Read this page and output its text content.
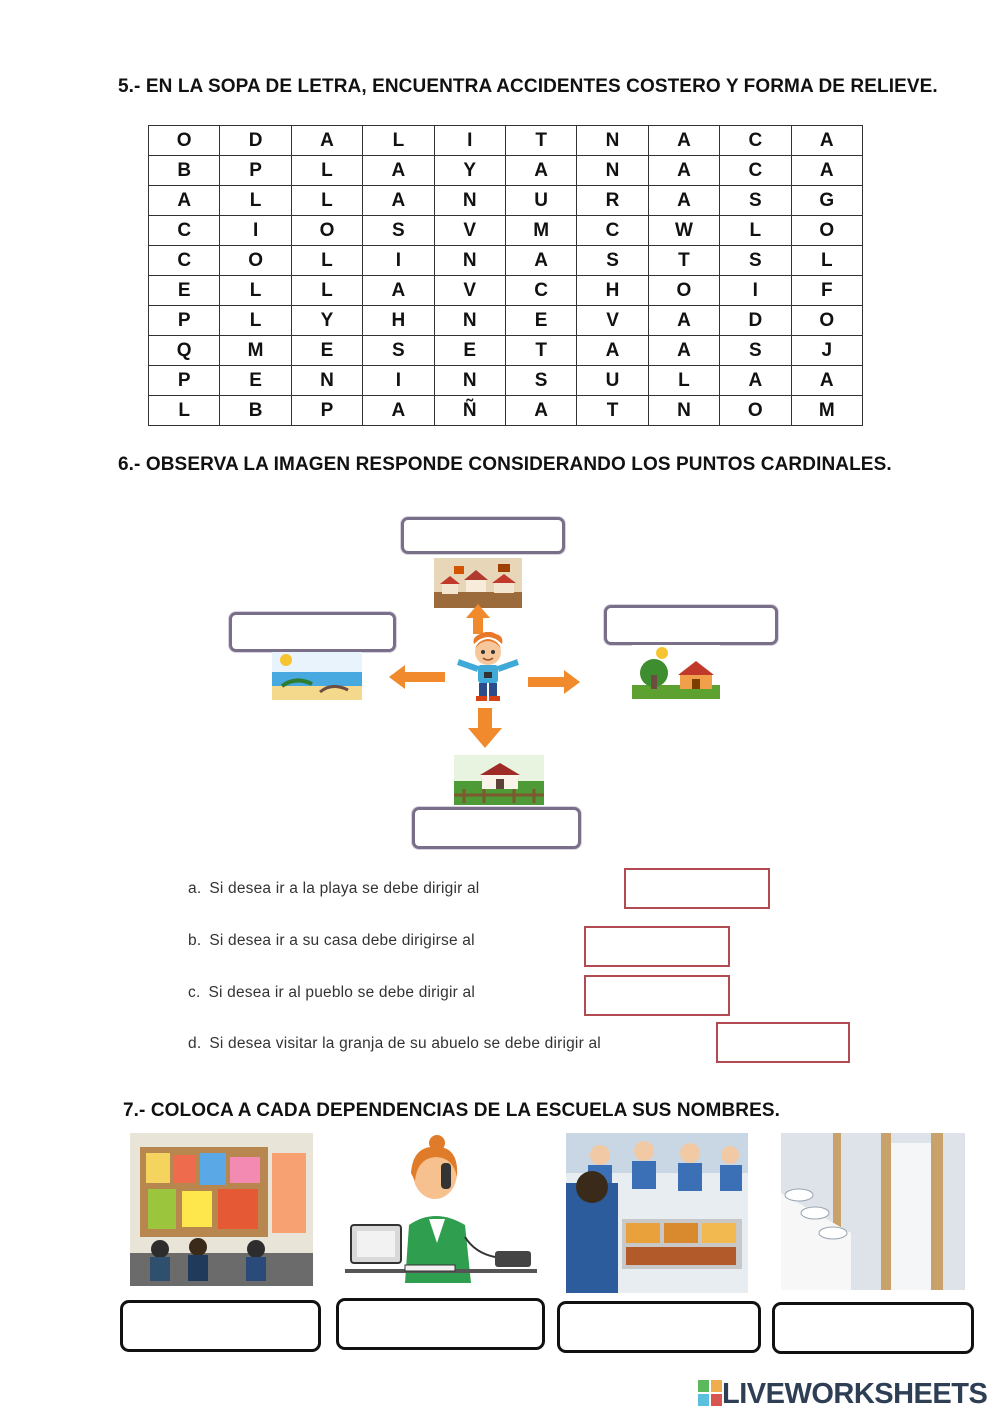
5.- EN LA SOPA DE LETRA, ENCUENTRA ACCIDENTES COSTERO Y FORMA DE RELIEVE.
O	D	A	L	I	T	N	A	C	A
B	P	L	A	Y	A	N	A	C	A
A	L	L	A	N	U	R	A	S	G
C	I	O	S	V	M	C	W	L	O
C	O	L	I	N	A	S	T	S	L
E	L	L	A	V	C	H	O	I	F
P	L	Y	H	N	E	V	A	D	O
Q	M	E	S	E	T	A	A	S	J
P	E	N	I	N	S	U	L	A	A
L	B	P	A	Ñ	A	T	N	O	M
6.- OBSERVA LA IMAGEN RESPONDE CONSIDERANDO LOS PUNTOS CARDINALES.
a. Si desea ir a la playa se debe dirigir al
b. Si desea ir a su casa debe dirigirse al
c. Si desea ir al pueblo se debe dirigir al
d. Si desea visitar la granja de su abuelo se debe dirigir al
7.- COLOCA A CADA DEPENDENCIAS DE LA ESCUELA SUS NOMBRES.
LIVEWORKSHEETS
